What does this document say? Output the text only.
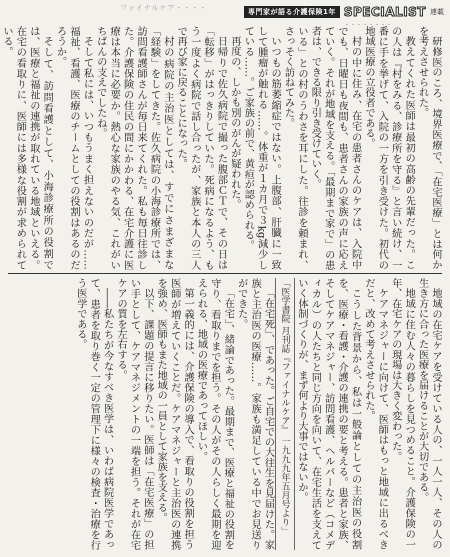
ファイナルケア・・・・	専門家が語る介護保険1年 SPECIALIST 連載
・・・・・・・・

研修医のころ、境界医療で、「在宅医療」とは何かを考えさせられた。

教えてくれた医師は最初の高齢の先輩だった。この人は『村をみる、診療所を守る』と言い続け、一番に手を挙げて、入院の一方を引き受けた。初代の地域医療の立役者である。

村の中に住み、在宅の患者さんのケアは、入院中でも、日曜日も夜間も、患者さんの家族の声に応えていく。それが地域を支える。「最期まで家で」の患者は、できる限り引き受けていく。

いる」との村のうわさを耳にした。往診を頼まれ、さっそく訪ねてみた。

いつもの筋萎縮症ではない。上腹部、肝臓に一致して腫瘤が触れる……。体重が１カ月で３kg減少している……。ご家族の前で、黄疸が認められる。

再度の、しかも別のがんが疑われた。

日帰りで佐久病院で撮った腹部ＣＴで、その日は「転移」がはっきりしていた。死病になるよう、もう一度よく病院で話し合ったが、家族と本人の三人で再び家に戻ることになった。

村の病院の主治医としては、すでにさまざまな「経験」をしてきた。佐久病院の小海診療所では、訪問看護師さんが毎日来てくれた。私も毎日往診した。介護保険の住民の間にかかわる、在宅介護に医療は本当に必要か。熱心な家族のやる気、これがいちばんの支えでしたね。

そして私には、いつもうまく担えないのだが……福祉、看護、医療のチームとしての役割はあるのだろうか。

そして、訪問看護として、小海診療所の役割では、医療と福祉の連携が取れている地域といえる。在宅の看取りに、医師には多様な役割が求められている。

地域の在宅ケアを受けている人の、一人一人、その人の生き方に合った医療を届けることが大切である。

地域に住む人々の暮らしを見つめること。介護保険の一年、在宅ケアの現場は大きく変わった。

ケアマネジャーに向けて、医師はもっと地域に出るべきだと、改めて考えさせられた。

こうした背景から、私は一般論としての主治医の役割を、医療・看護・介護の連携の要と考える。患者と家族、そしてケアマネジャー、訪問看護、ヘルパーなど（コメディカル）の人たちと同じ方向を向いて、在宅生活を支えていく体制づくりが、まず何より大事ではないか。

「医学書院 月刊誌『ファイナルケア』 一九九九年五月号より」

「在宅死」、であった。ご自宅での大往生を見届けた。家族と主治医の医療……。家族も満足している中でお見送りができた。

「在宅」、緒論であった。最期まで、医療と福祉の役割を守り、看取りまでを担う。その人がその人らしく最期を迎えられる、地域の医療であってほしい。

第一義的には、介護保険の導入で、看取りの役割を担う医師が増えていくことだ。ケアマネジャーと主治医の連携を強め、医師もまた地域の一員として家族を支える。

以下、課題の提言に移りたい。医師は「在宅医療」の担い手として、ケアマネジメントの一端を担う。それが在宅ケアの質を左右する。

――私たちが今なすべき医学は、いわば病院医学であって、患者を取り巻く一定の管理下に様々の検査・治療を行う医学である。
